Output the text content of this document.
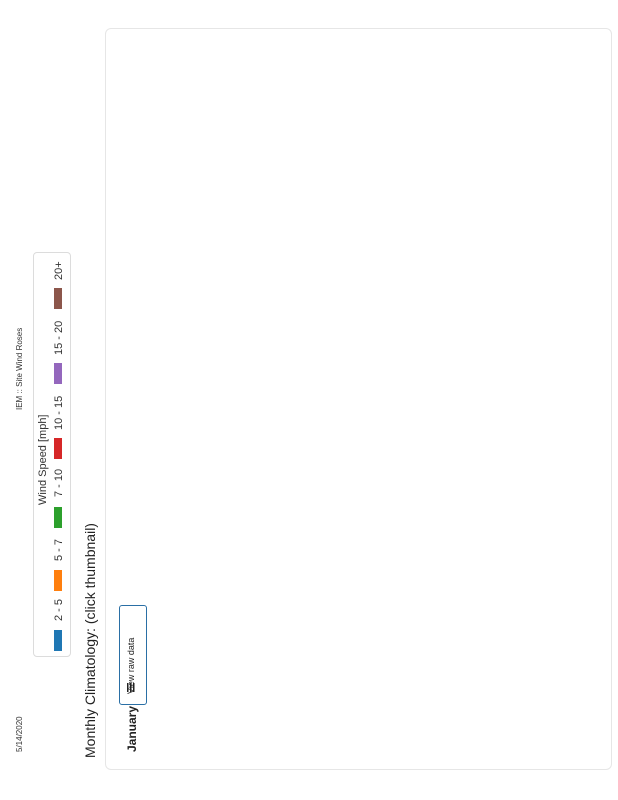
5/14/2020
IEM :: Site Wind Roses
Wind Speed [mph]
2 - 5
5 - 7
7 - 10
10 - 15
15 - 20
20+
Monthly Climatology: (click thumbnail) January
View raw data
